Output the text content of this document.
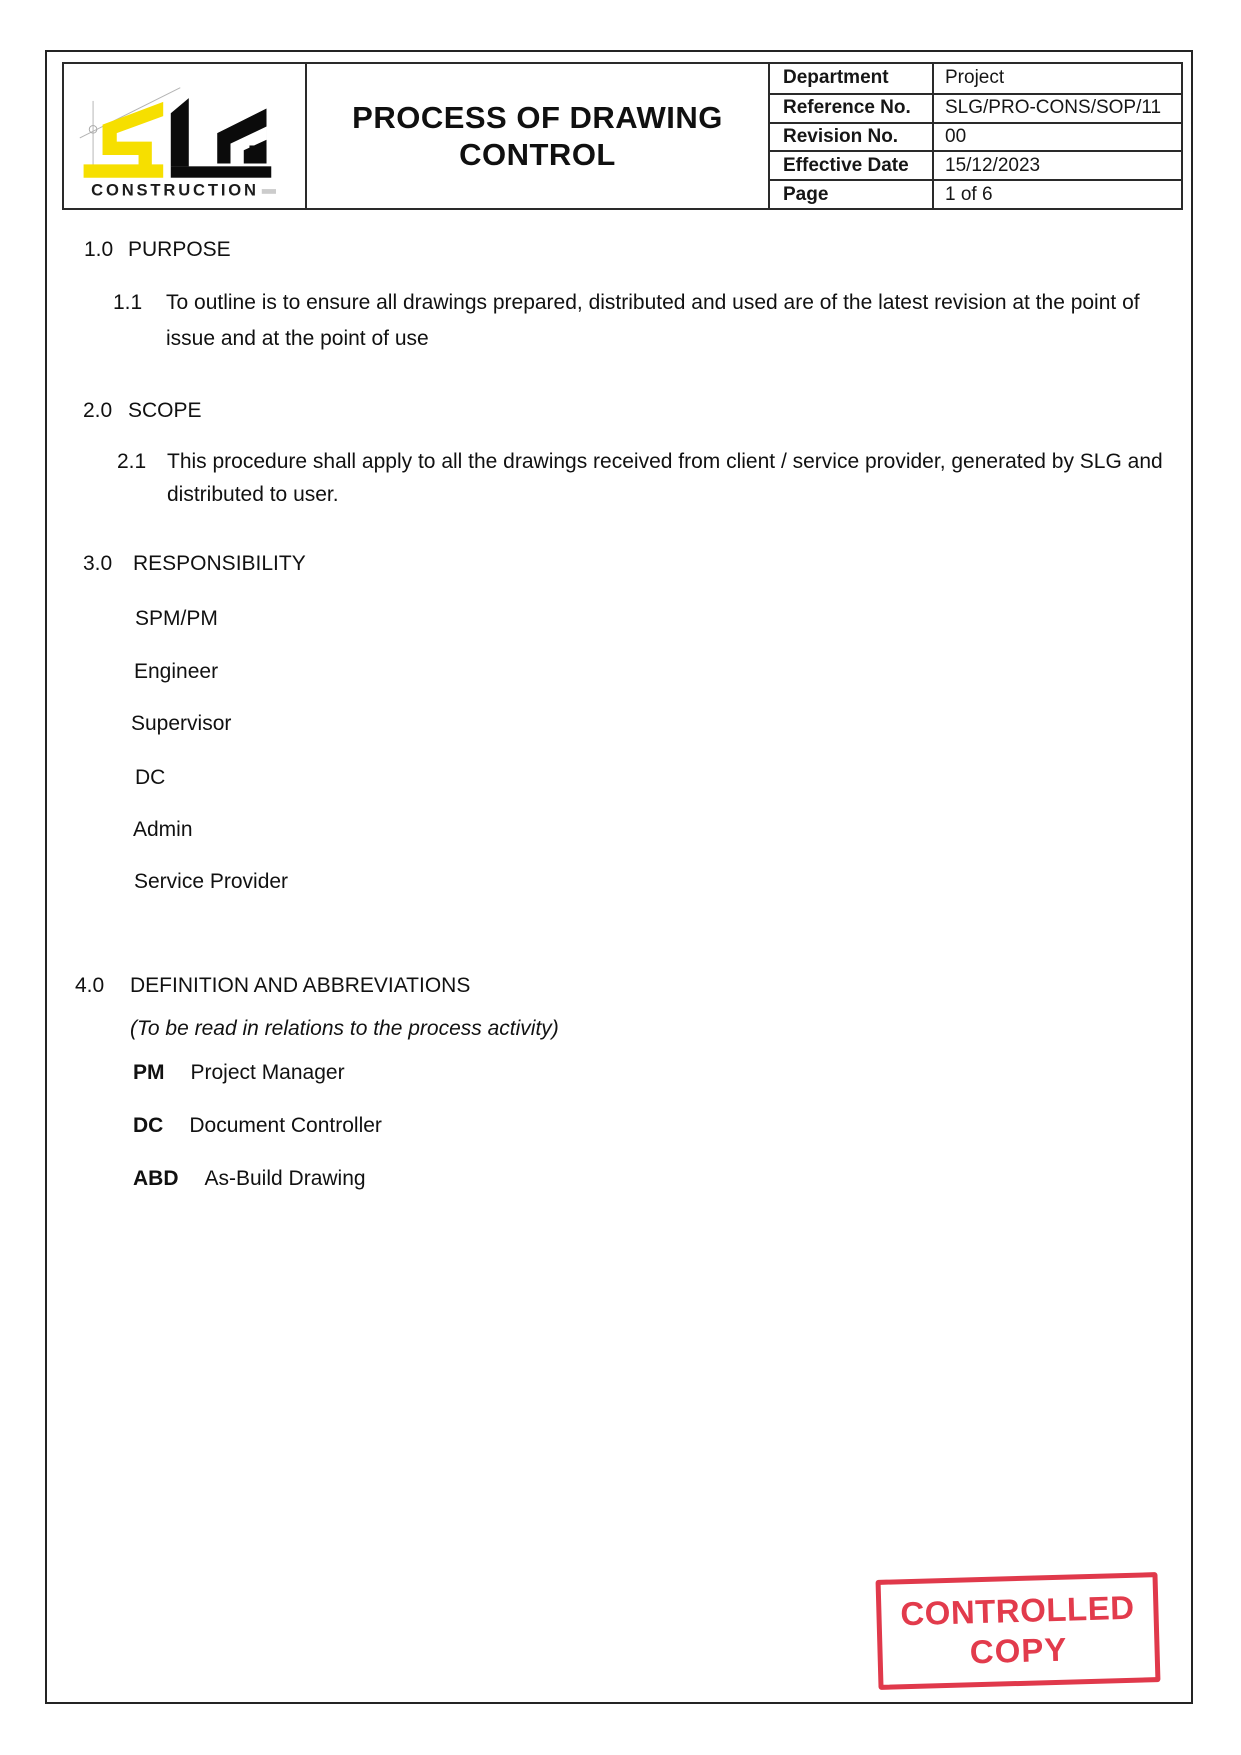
CONSTRUCTION
PROCESS OF DRAWING CONTROL
Department	Project
Reference No.	SLG/PRO-CONS/SOP/11
Revision No.	00
Effective Date	15/12/2023
Page	1 of 6
1.0 PURPOSE
1.1	To outline is to ensure all drawings prepared, distributed and used are of the latest revision at the point of issue and at the point of use
2.0 SCOPE
2.1 This procedure shall apply to all the drawings received from client / service provider, generated by SLG and distributed to user.
3.0 RESPONSIBILITY
SPM/PM
Engineer
Supervisor
DC
Admin
Service Provider
4.0	DEFINITION AND ABBREVIATIONS
(To be read in relations to the process activity)
PM Project Manager
DC Document Controller
ABD As-Build Drawing
CONTROLLED
COPY
